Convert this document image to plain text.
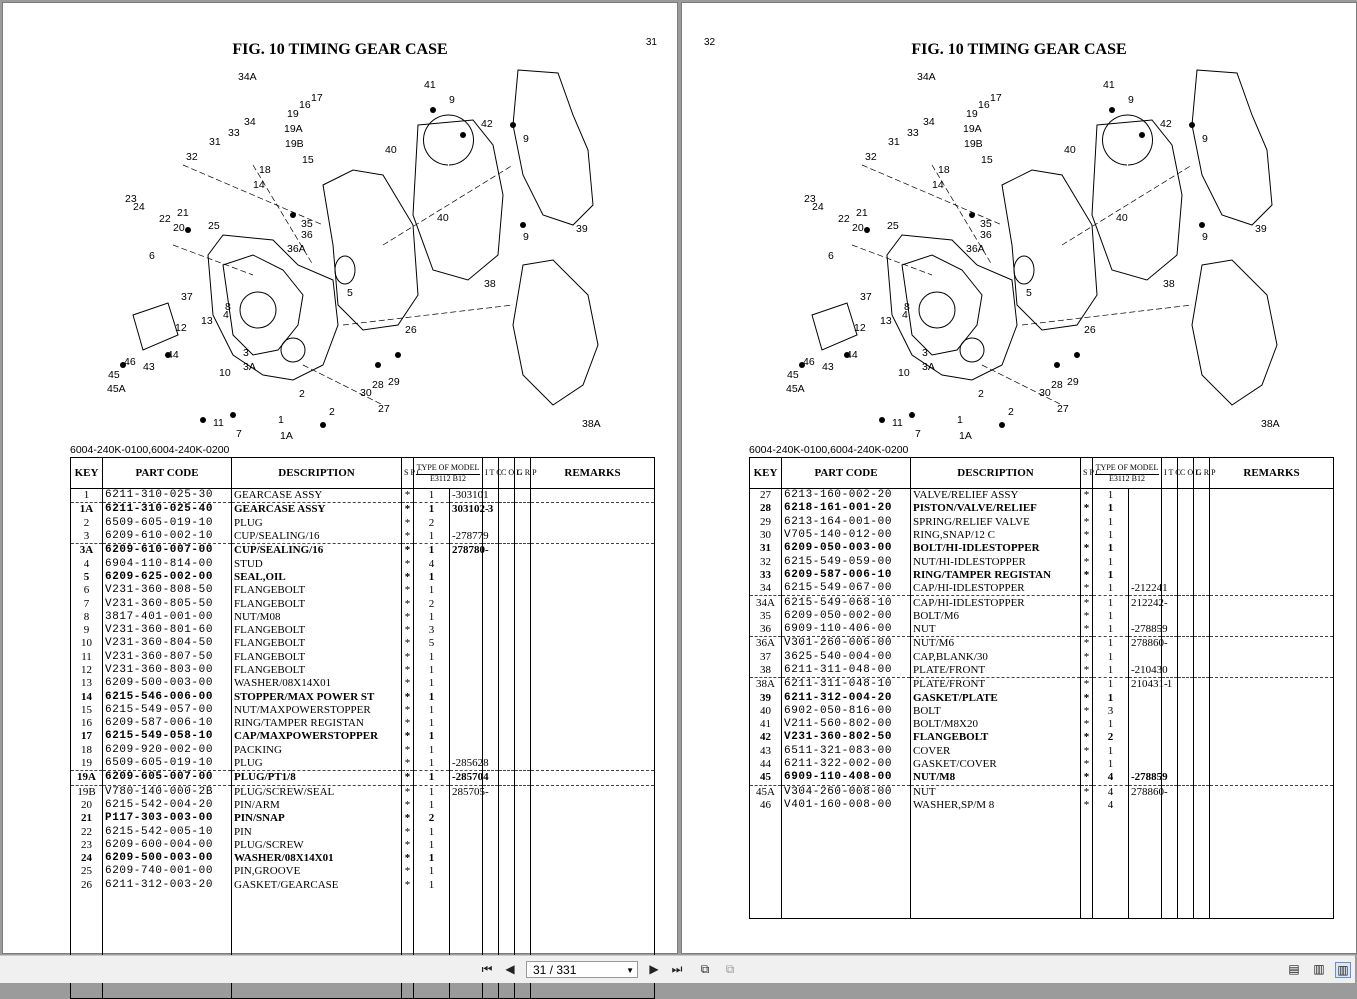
FIG. 10 TIMING GEAR CASE	31
34A
17
16
19
19A
19B
34
33
31
32	15
18
14
23
24
22 21
20 25	35
36
36A
6
37	5
41
9
42
40
40
9
9
39
38
26
13
12
4
8
44
43
46
45
45A
10
3
3A
11
7
1
1A
2
2
30
28 29
27
38A
6004-240K-0100,6004-240K-0200
KEY	PART CODE	DESCRIPTION	S P C	TYPE OF MODEL
E3112 B12		I T C	C O L	G R P	REMARKS
1	6211-310-025-30	GEARCASE ASSY	*	1	-303101				
1A	6211-310-025-40	GEARCASE ASSY	*	1	303102-	3			
2	6509-605-019-10	PLUG	*	2					
3	6209-610-002-10	CUP/SEALING/16	*	1	-278779				
3A	6209-610-007-00	CUP/SEALING/16	*	1	278780-				
4	6904-110-814-00	STUD	*	4					
5	6209-625-002-00	SEAL,OIL	*	1					
6	V231-360-808-50	FLANGEBOLT	*	1					
7	V231-360-805-50	FLANGEBOLT	*	2					
8	3817-401-001-00	NUT/M08	*	1					
9	V231-360-801-60	FLANGEBOLT	*	3					
10	V231-360-804-50	FLANGEBOLT	*	5					
11	V231-360-807-50	FLANGEBOLT	*	1					
12	V231-360-803-00	FLANGEBOLT	*	1					
13	6209-500-003-00	WASHER/08X14X01	*	1					
14	6215-546-006-00	STOPPER/MAX POWER ST	*	1					
15	6215-549-057-00	NUT/MAXPOWERSTOPPER	*	1					
16	6209-587-006-10	RING/TAMPER REGISTAN	*	1					
17	6215-549-058-10	CAP/MAXPOWERSTOPPER	*	1					
18	6209-920-002-00	PACKING	*	1					
19	6509-605-019-10	PLUG	*	1	-285628				
19A	6209-605-007-00	PLUG/PT1/8	*	1	-285704				
19B	V780-140-000-2B	PLUG/SCREW/SEAL	*	1	285705-				
20	6215-542-004-20	PIN/ARM	*	1					
21	P117-303-003-00	PIN/SNAP	*	2					
22	6215-542-005-10	PIN	*	1					
23	6209-600-004-00	PLUG/SCREW	*	1					
24	6209-500-003-00	WASHER/08X14X01	*	1					
25	6209-740-001-00	PIN,GROOVE	*	1					
26	6211-312-003-20	GASKET/GEARCASE	*	1					

FIG. 10 TIMING GEAR CASE
32
34A
17
16
19
19A
19B
34
33
31
32	15
18
14
23
24
22 21
20 25	35
36
36A
6
37	5
41
9
42
40
40
9
9
39
38
26
13
12
4
8
44
43
46
45
45A
10
3
3A
11
7
1
1A
2
2
30
28 29
27
38A
6004-240K-0100,6004-240K-0200
KEY	PART CODE	DESCRIPTION	S P C	TYPE OF MODEL
E3112 B12		I T C	C O L	G R P	REMARKS
27	6213-160-002-20	VALVE/RELIEF ASSY	*	1					
28	6218-161-001-20	PISTON/VALVE/RELIEF	*	1					
29	6213-164-001-00	SPRING/RELIEF VALVE	*	1					
30	V705-140-012-00	RING,SNAP/12 C	*	1					
31	6209-050-003-00	BOLT/HI-IDLESTOPPER	*	1					
32	6215-549-059-00	NUT/HI-IDLESTOPPER	*	1					
33	6209-587-006-10	RING/TAMPER REGISTAN	*	1					
34	6215-549-067-00	CAP/HI-IDLESTOPPER	*	1	-212241				
34A	6215-549-068-10	CAP/HI-IDLESTOPPER	*	1	212242-				
35	6209-050-002-00	BOLT/M6	*	1					
36	6909-110-406-00	NUT	*	1	-278859				
36A	V301-260-006-00	NUT/M6	*	1	278860-				
37	3625-540-004-00	CAP,BLANK/30	*	1					
38	6211-311-048-00	PLATE/FRONT	*	1	-210430				
38A	6211-311-048-10	PLATE/FRONT	*	1	210431-	1			
39	6211-312-004-20	GASKET/PLATE	*	1					
40	6902-050-816-00	BOLT	*	3					
41	V211-560-802-00	BOLT/M8X20	*	1					
42	V231-360-802-50	FLANGEBOLT	*	2					
43	6511-321-083-00	COVER	*	1					
44	6211-322-002-00	GASKET/COVER	*	1					
45	6909-110-408-00	NUT/M8	*	4	-278859				
45A	V304-260-008-00	NUT	*	4	278860-				
46	V401-160-008-00	WASHER,SP/M 8	*	4					

⏮ ◀	31 / 331	▼ ▶ ⏭ ⧉ ⧉	▤ ▥ ▥
